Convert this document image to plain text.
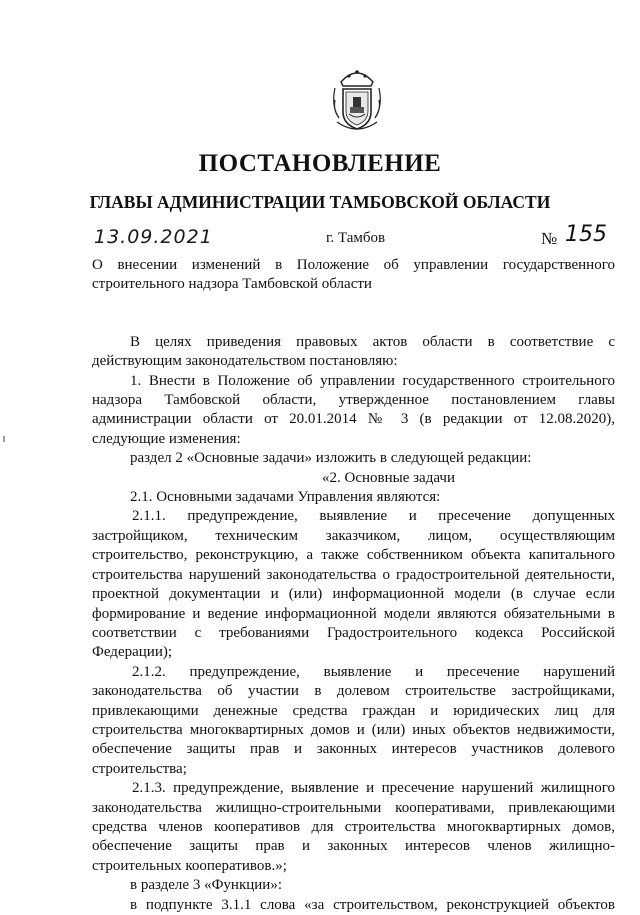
ПОСТАНОВЛЕНИЕ
ГЛАВЫ АДМИНИСТРАЦИИ ТАМБОВСКОЙ ОБЛАСТИ
13.09.2021	г. Тамбов	№ 155

О внесении изменений в Положение об управлении государственного

строительного надзора Тамбовской области

В целях приведения правовых актов области в соответствие с

действующим законодательством постановляю:

1. Внести в Положение об управлении государственного строительного

надзора Тамбовской области, утвержденное постановлением главы

администрации области от 20.01.2014 № 3 (в редакции от 12.08.2020),

следующие изменения:

раздел 2 «Основные задачи» изложить в следующей редакции:

«2. Основные задачи

2.1. Основными задачами Управления являются:

2.1.1. предупреждение, выявление и пресечение допущенных

застройщиком, техническим заказчиком, лицом, осуществляющим

строительство, реконструкцию, а также собственником объекта капитального

строительства нарушений законодательства о градостроительной деятельности,

проектной документации и (или) информационной модели (в случае если

формирование и ведение информационной модели являются обязательными в

соответствии с требованиями Градостроительного кодекса Российской

Федерации);

2.1.2. предупреждение, выявление и пресечение нарушений

законодательства об участии в долевом строительстве застройщиками,

привлекающими денежные средства граждан и юридических лиц для

строительства многоквартирных домов и (или) иных объектов недвижимости,

обеспечение защиты прав и законных интересов участников долевого

строительства;

2.1.3. предупреждение, выявление и пресечение нарушений жилищного

законодательства жилищно-строительными кооперативами, привлекающими

средства членов кооперативов для строительства многоквартирных домов,

обеспечение защиты прав и законных интересов членов жилищно-

строительных кооперативов.»;

в разделе 3 «Функции»:

в подпункте 3.1.1 слова «за строительством, реконструкцией объектов
